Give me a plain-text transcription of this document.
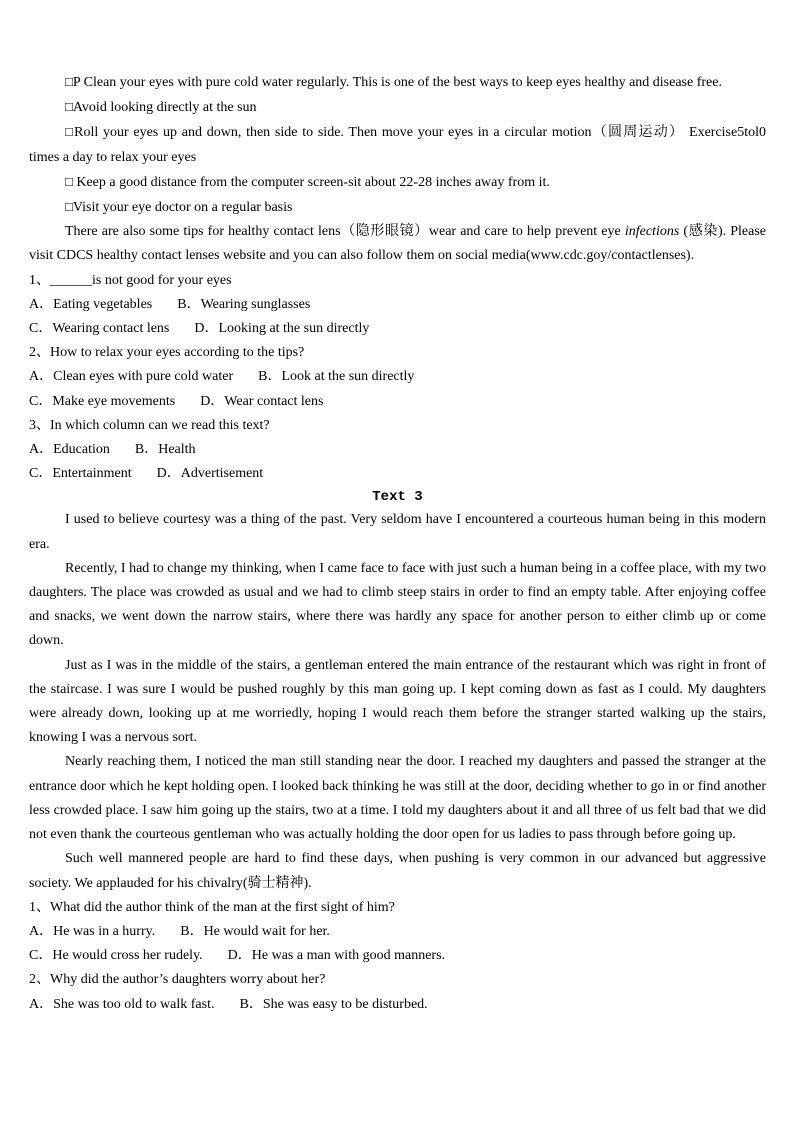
□P Clean your eyes with pure cold water regularly. This is one of the best ways to keep eyes healthy and disease free.

□Avoid looking directly at the sun

□Roll your eyes up and down, then side to side. Then move your eyes in a circular motion（圆周运动） Exercise5tol0 times a day to relax your eyes

□ Keep a good distance from the computer screen-sit about 22-28 inches away from it.

□Visit your eye doctor on a regular basis

There are also some tips for healthy contact lens（隐形眼镜）wear and care to help prevent eye infections (感染). Please visit CDCS healthy contact lenses website and you can also follow them on social media(www.cdc.goy/contactlenses).

1、______is not good for your eyes

A．Eating vegetables B．Wearing sunglasses
C．Wearing contact lens D．Looking at the sun directly

2、How to relax your eyes according to the tips?

A．Clean eyes with pure cold water B．Look at the sun directly
C．Make eye movements D．Wear contact lens

3、In which column can we read this text?

A．Education B．Health
C．Entertainment D．Advertisement
Text 3

I used to believe courtesy was a thing of the past. Very seldom have I encountered a courteous human being in this modern era.

Recently, I had to change my thinking, when I came face to face with just such a human being in a coffee place, with my two daughters. The place was crowded as usual and we had to climb steep stairs in order to find an empty table. After enjoying coffee and snacks, we went down the narrow stairs, where there was hardly any space for another person to either climb up or come down.

Just as I was in the middle of the stairs, a gentleman entered the main entrance of the restaurant which was right in front of the staircase. I was sure I would be pushed roughly by this man going up. I kept coming down as fast as I could. My daughters were already down, looking up at me worriedly, hoping I would reach them before the stranger started walking up the stairs, knowing I was a nervous sort.

Nearly reaching them, I noticed the man still standing near the door. I reached my daughters and passed the stranger at the entrance door which he kept holding open. I looked back thinking he was still at the door, deciding whether to go in or find another less crowded place. I saw him going up the stairs, two at a time. I told my daughters about it and all three of us felt bad that we did not even thank the courteous gentleman who was actually holding the door open for us ladies to pass through before going up.

Such well mannered people are hard to find these days, when pushing is very common in our advanced but aggressive society. We applauded for his chivalry(骑士精神).

1、What did the author think of the man at the first sight of him?

A．He was in a hurry. B．He would wait for her.
C．He would cross her rudely. D．He was a man with good manners.

2、Why did the author’s daughters worry about her?

A．She was too old to walk fast. B．She was easy to be disturbed.
